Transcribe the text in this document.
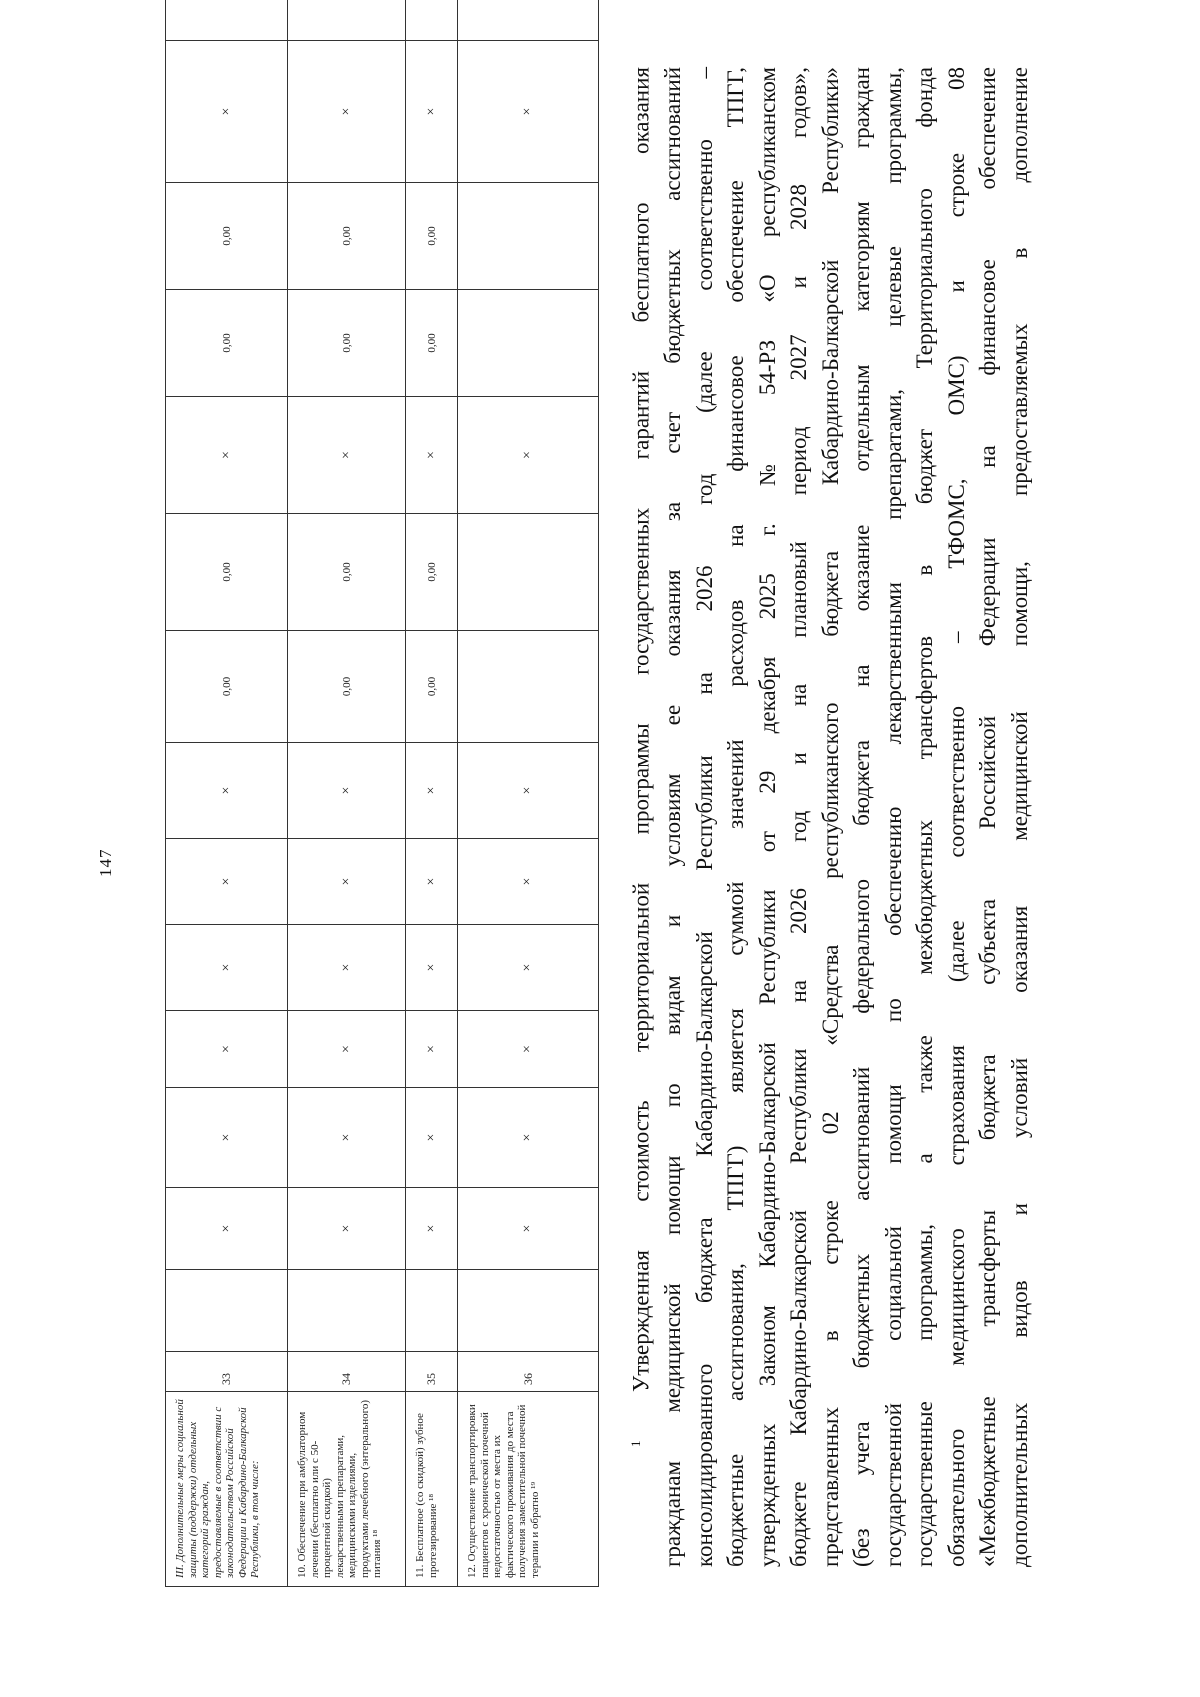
147
III. Дополнительные меры социальной защиты (поддержки) отдельных категорий граждан, предоставляемые в соответствии с законодательством Российской Федерации и Кабардино-Балкарской Республики, в том числе:	33		×	×	×	×	×	×	0,00	0,00	×	0,00	0,00	×	
10. Обеспечение при амбулаторном лечении (бесплатно или с 50-процентной скидкой) лекарственными препаратами, медицинскими изделиями, продуктами лечебного (энтерального) питания ¹⁸	34		×	×	×	×	×	×	0,00	0,00	×	0,00	0,00	×	
11. Бесплатное (со скидкой) зубное протезирование ¹⁸	35		×	×	×	×	×	×	0,00	0,00	×	0,00	0,00	×	
12. Осуществление транспортировки пациентов с хронической почечной недостаточностью от места их фактического проживания до места получения заместительной почечной терапии и обратно ¹⁹	36		×	×	×	×	×	×			×			×	
$^1$ Утвержденная стоимость территориальной программы государственных гарантий бесплатного оказания гражданам медицинской помощи по видам и условиям ее оказания за счет бюджетных ассигнований консолидированного бюджета Кабардино-Балкарской Республики на 2026 год (далее соответственно – бюджетные ассигнования, ТПГГ) является суммой значений расходов на финансовое обеспечение ТПГГ, утвержденных Законом Кабардино-Балкарской Республики от 29 декабря 2025 г. № 54-РЗ «О республиканском бюджете Кабардино-Балкарской Республики на 2026 год и на плановый период 2027 и 2028 годов», представленных в строке 02 «Средства республиканского бюджета Кабардино-Балкарской Республики» (без учета бюджетных ассигнований федерального бюджета на оказание отдельным категориям граждан государственной социальной помощи по обеспечению лекарственными препаратами, целевые программы, государственные программы, а также межбюджетных трансфертов в бюджет Территориального фонда обязательного медицинского страхования (далее соответственно – ТФОМС, ОМС) и строке 08 «Межбюджетные трансферты бюджета субъекта Российской Федерации на финансовое обеспечение дополнительных видов и условий оказания медицинской помощи, предоставляемых в дополнение
